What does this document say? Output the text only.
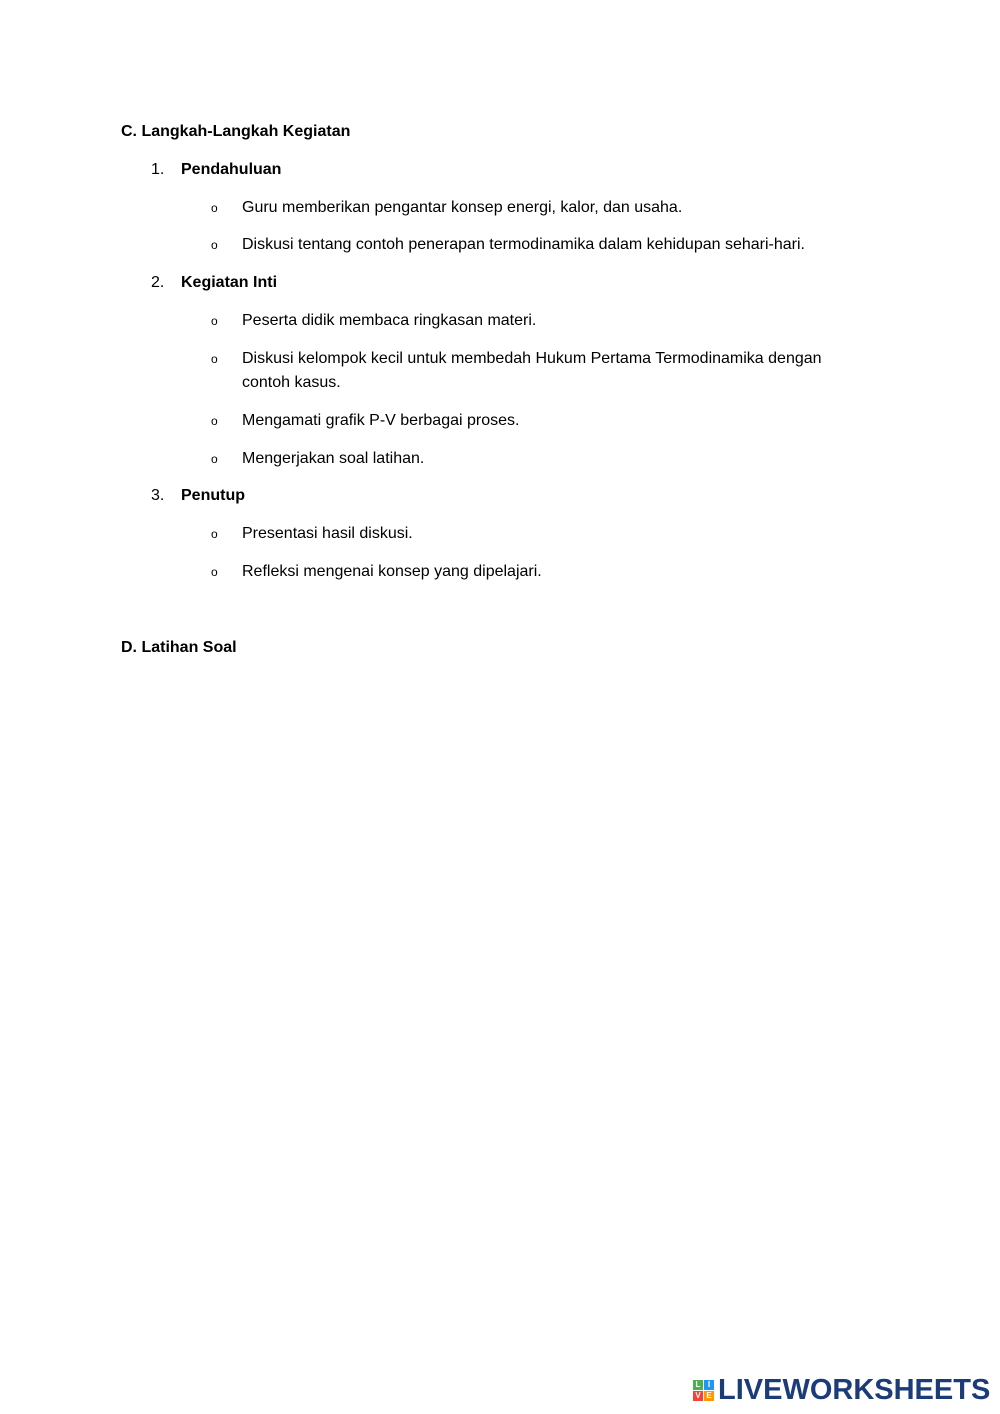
C. Langkah-Langkah Kegiatan

1. Pendahuluan
o	Guru memberikan pengantar konsep energi, kalor, dan usaha.
o	Diskusi tentang contoh penerapan termodinamika dalam kehidupan sehari-hari.
2. Kegiatan Inti
o	Peserta didik membaca ringkasan materi.
o	Diskusi kelompok kecil untuk membedah Hukum Pertama Termodinamika dengan contoh kasus.
o	Mengamati grafik P-V berbagai proses.
o	Mengerjakan soal latihan.
3. Penutup
o	Presentasi hasil diskusi.
o	Refleksi mengenai konsep yang dipelajari.

D. Latihan Soal

L I
V E LIVEWORKSHEETS
